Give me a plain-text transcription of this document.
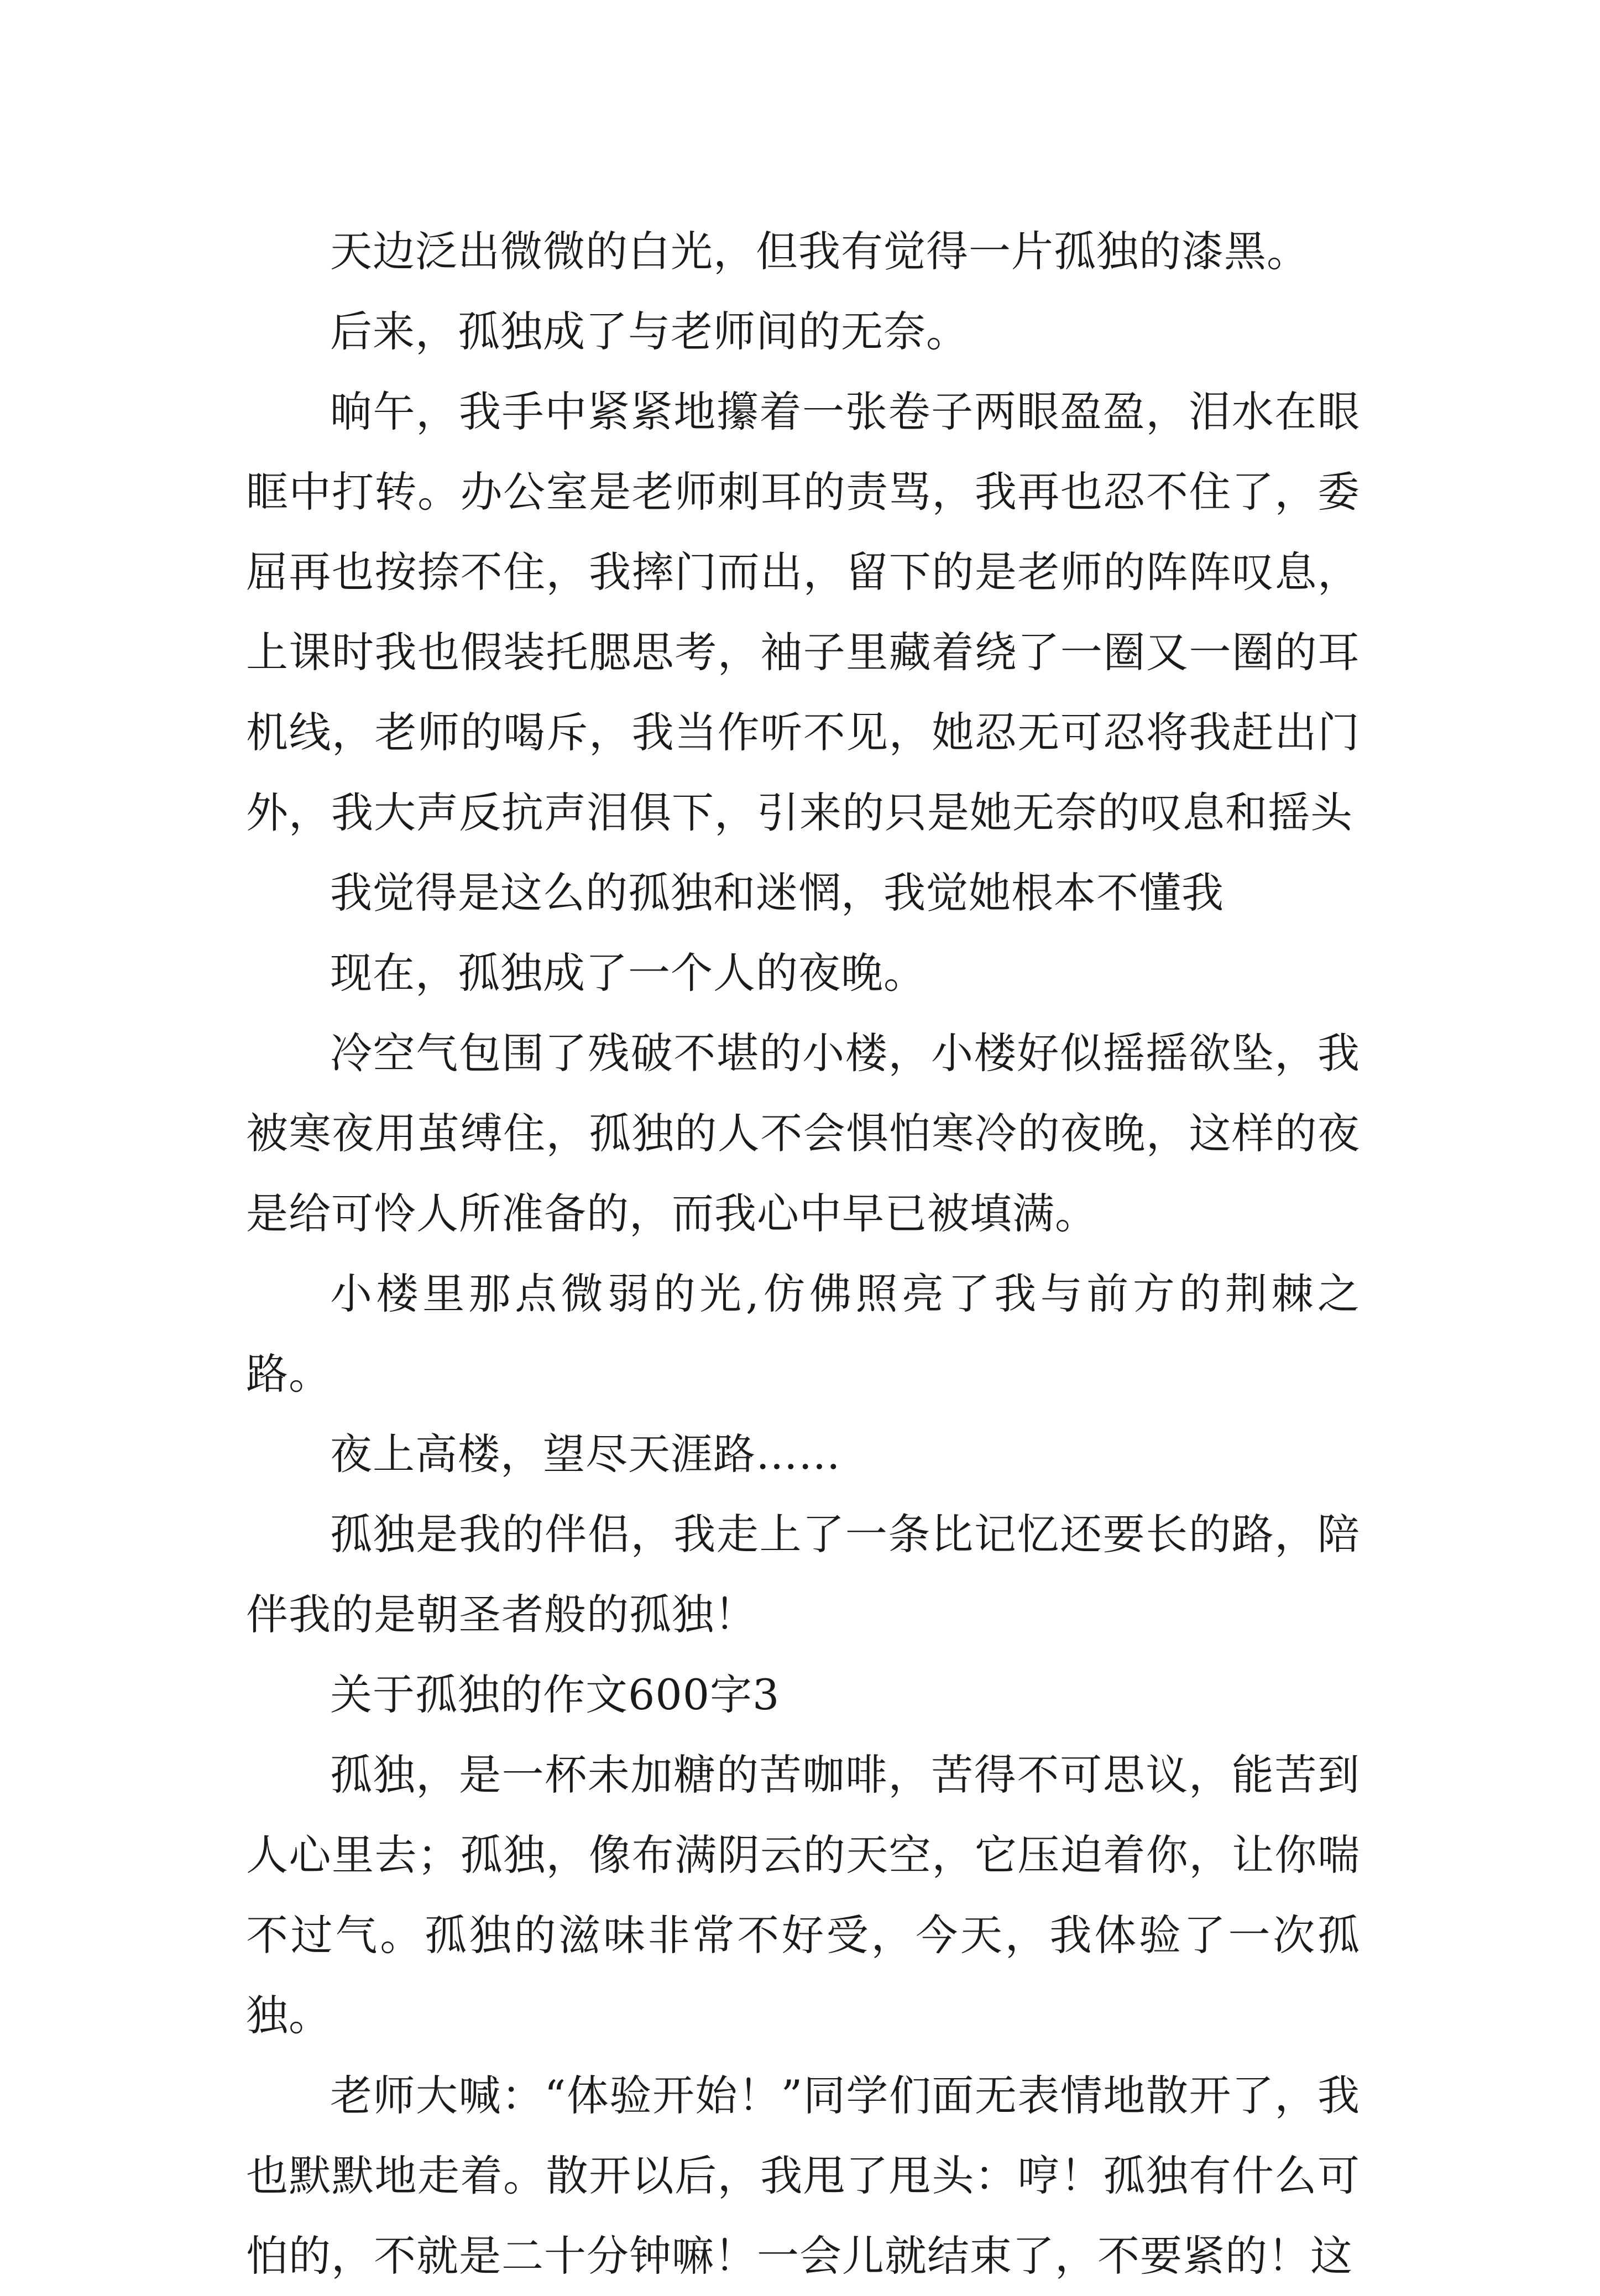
天边泛出微微的白光，但我有觉得一片孤独的漆黑。

后来，孤独成了与老师间的无奈。

晌午，我手中紧紧地攥着一张卷子两眼盈盈，泪水在眼眶中打转。办公室是老师刺耳的责骂，我再也忍不住了，委屈再也按捺不住，我摔门而出，留下的是老师的阵阵叹息，上课时我也假装托腮思考，袖子里藏着绕了一圈又一圈的耳机线，老师的喝斥，我当作听不见，她忍无可忍将我赶出门外，我大声反抗声泪俱下，引来的只是她无奈的叹息和摇头

我觉得是这么的孤独和迷惘，我觉她根本不懂我

现在，孤独成了一个人的夜晚。

冷空气包围了残破不堪的小楼，小楼好似摇摇欲坠，我被寒夜用茧缚住，孤独的人不会惧怕寒冷的夜晚，这样的夜是给可怜人所准备的，而我心中早已被填满。

小楼里那点微弱的光,仿佛照亮了我与前方的荆棘之路。

夜上高楼，望尽天涯路……

孤独是我的伴侣，我走上了一条比记忆还要长的路，陪伴我的是朝圣者般的孤独！

关于孤独的作文600字3

孤独，是一杯未加糖的苦咖啡，苦得不可思议，能苦到人心里去；孤独，像布满阴云的天空，它压迫着你，让你喘不过气。孤独的滋味非常不好受，今天，我体验了一次孤独。

老师大喊：“体验开始！”同学们面无表情地散开了，我也默默地走着。散开以后，我甩了甩头：哼！孤独有什么可怕的，不就是二十分钟嘛！一会儿就结束了，不要紧的！这
